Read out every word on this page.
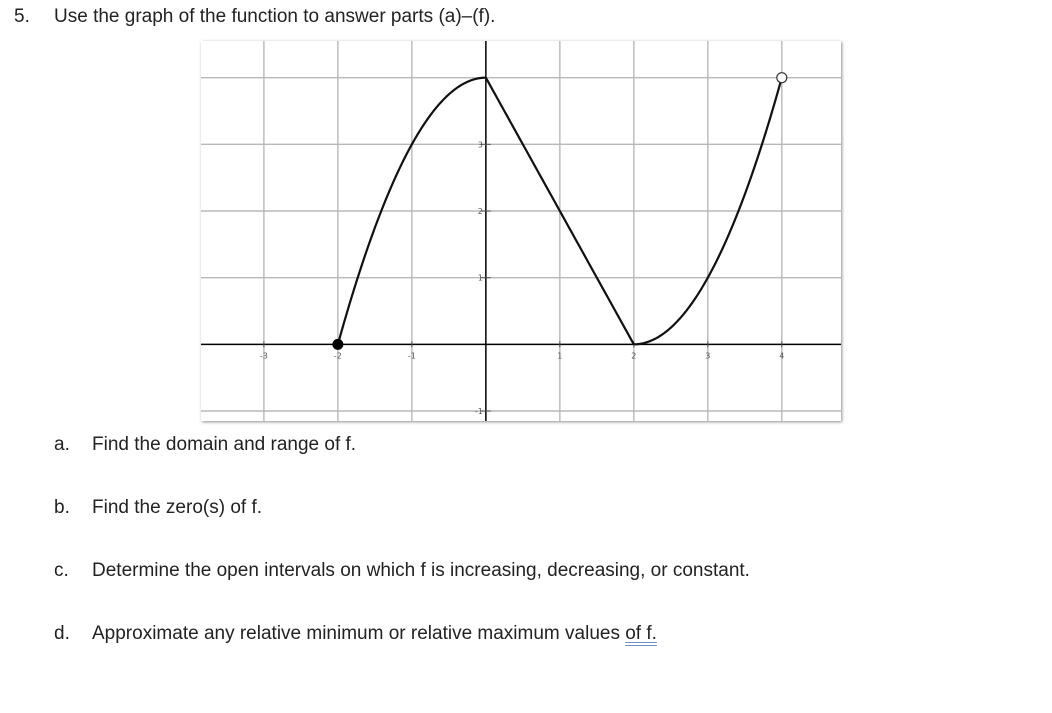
5. Use the graph of the function to answer parts (a)–(f).
-3	-2	-1	1	2	3	4
1
2
3
-1
a. Find the domain and range of f.
b. Find the zero(s) of f.
c. Determine the open intervals on which f is increasing, decreasing, or constant.
d. Approximate any relative minimum or relative maximum values of f.
